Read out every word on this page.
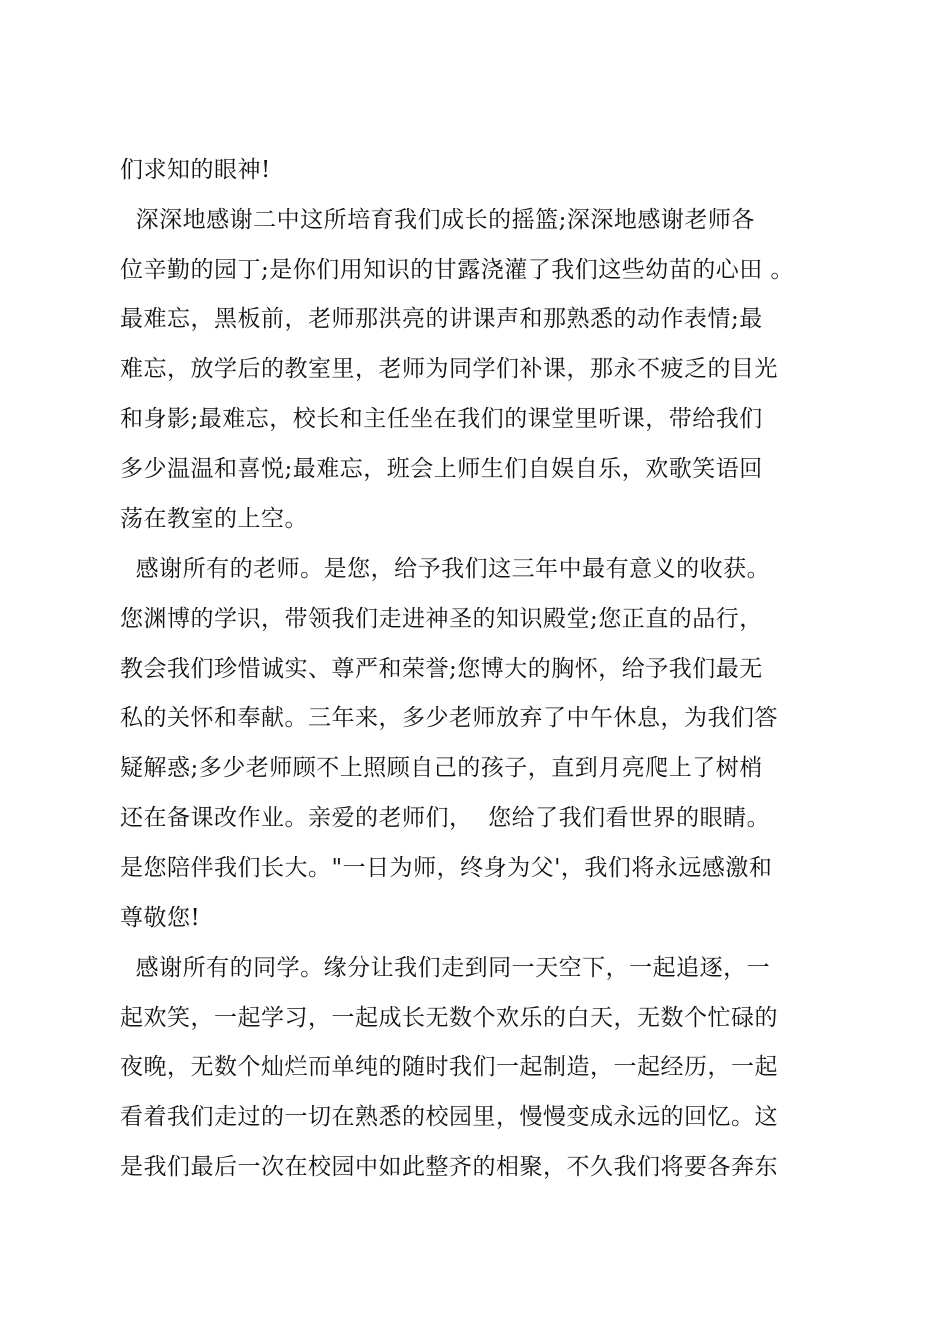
们求知的眼神!
深深地感谢二中这所培育我们成长的摇篮;深深地感谢老师各
位辛勤的园丁;是你们用知识的甘露浇灌了我们这些幼苗的心田 。
最难忘，黑板前，老师那洪亮的讲课声和那熟悉的动作表情;最
难忘，放学后的教室里，老师为同学们补课，那永不疲乏的目光
和身影;最难忘，校长和主任坐在我们的课堂里听课，带给我们
多少温温和喜悦;最难忘，班会上师生们自娱自乐，欢歌笑语回
荡在教室的上空。
感谢所有的老师。是您，给予我们这三年中最有意义的收获。
您渊博的学识，带领我们走进神圣的知识殿堂;您正直的品行，
教会我们珍惜诚实、尊严和荣誉;您博大的胸怀，给予我们最无
私的关怀和奉献。三年来，多少老师放弃了中午休息，为我们答
疑解惑;多少老师顾不上照顾自己的孩子，直到月亮爬上了树梢
还在备课改作业。亲爱的老师们，  您给了我们看世界的眼睛。
是您陪伴我们长大。"一日为师，终身为父'，我们将永远感激和
尊敬您!
感谢所有的同学。缘分让我们走到同一天空下，一起追逐，一
起欢笑，一起学习，一起成长无数个欢乐的白天，无数个忙碌的
夜晚，无数个灿烂而单纯的随时我们一起制造，一起经历，一起
看着我们走过的一切在熟悉的校园里，慢慢变成永远的回忆。这
是我们最后一次在校园中如此整齐的相聚，不久我们将要各奔东
